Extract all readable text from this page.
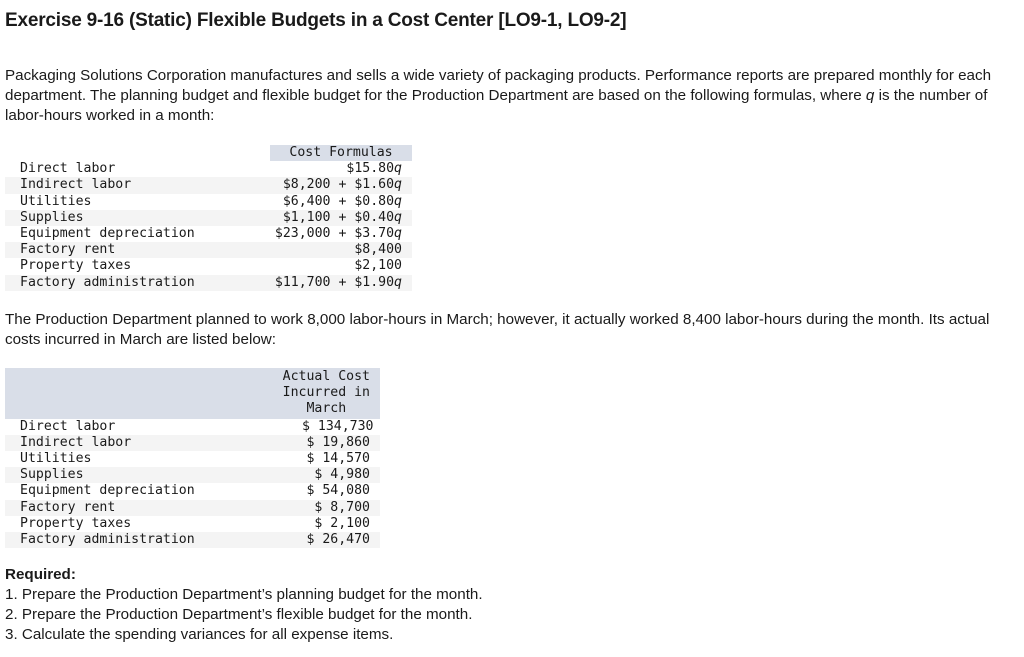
Exercise 9-16 (Static) Flexible Budgets in a Cost Center [LO9-1, LO9-2]
Packaging Solutions Corporation manufactures and sells a wide variety of packaging products. Performance reports are prepared monthly for each department. The planning budget and flexible budget for the Production Department are based on the following formulas, where q is the number of labor-hours worked in a month:
	Cost Formulas
Direct labor	$15.80q
Indirect labor	$8,200 + $1.60q
Utilities	$6,400 + $0.80q
Supplies	$1,100 + $0.40q
Equipment depreciation	$23,000 + $3.70q
Factory rent	$8,400
Property taxes	$2,100
Factory administration	$11,700 + $1.90q
The Production Department planned to work 8,000 labor-hours in March; however, it actually worked 8,400 labor-hours during the month. Its actual costs incurred in March are listed below:

	Actual Cost
Incurred in
March

Direct labor	$ 134,730
Indirect labor	$ 19,860
Utilities	$ 14,570
Supplies	$ 4,980
Equipment depreciation	$ 54,080
Factory rent	$ 8,700
Property taxes	$ 2,100
Factory administration	$ 26,470
Required:
1. Prepare the Production Department’s planning budget for the month.
2. Prepare the Production Department’s flexible budget for the month.
3. Calculate the spending variances for all expense items.
